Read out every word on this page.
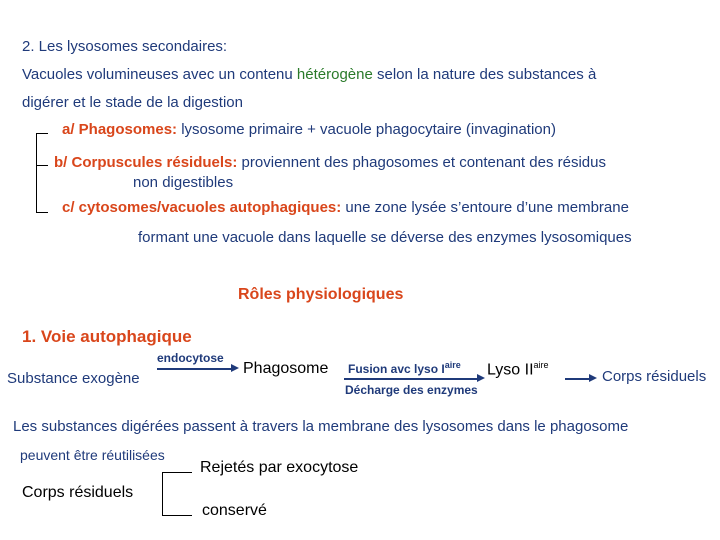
2. Les lysosomes secondaires:
Vacuoles volumineuses avec un contenu hétérogène selon la nature des substances à
digérer et le stade de la digestion
a/ Phagosomes: lysosome primaire + vacuole phagocytaire (invagination)
b/ Corpuscules résiduels: proviennent des phagosomes et contenant des résidus
non digestibles
c/ cytosomes/vacuoles autophagiques: une zone lysée s’entoure d’une membrane
formant une vacuole dans laquelle se déverse des enzymes lysosomiques
Rôles physiologiques
1. Voie autophagique
Substance exogène
endocytose
Phagosome Fusion avc lyso $I^{aire}$
Décharge des enzymes
Lyso $II^{aire}$
Corps résiduels
Les substances digérées passent à travers la membrane des lysosomes dans le phagosome
peuvent être réutilisées
Rejetés par exocytose
Corps résiduels
conservé
